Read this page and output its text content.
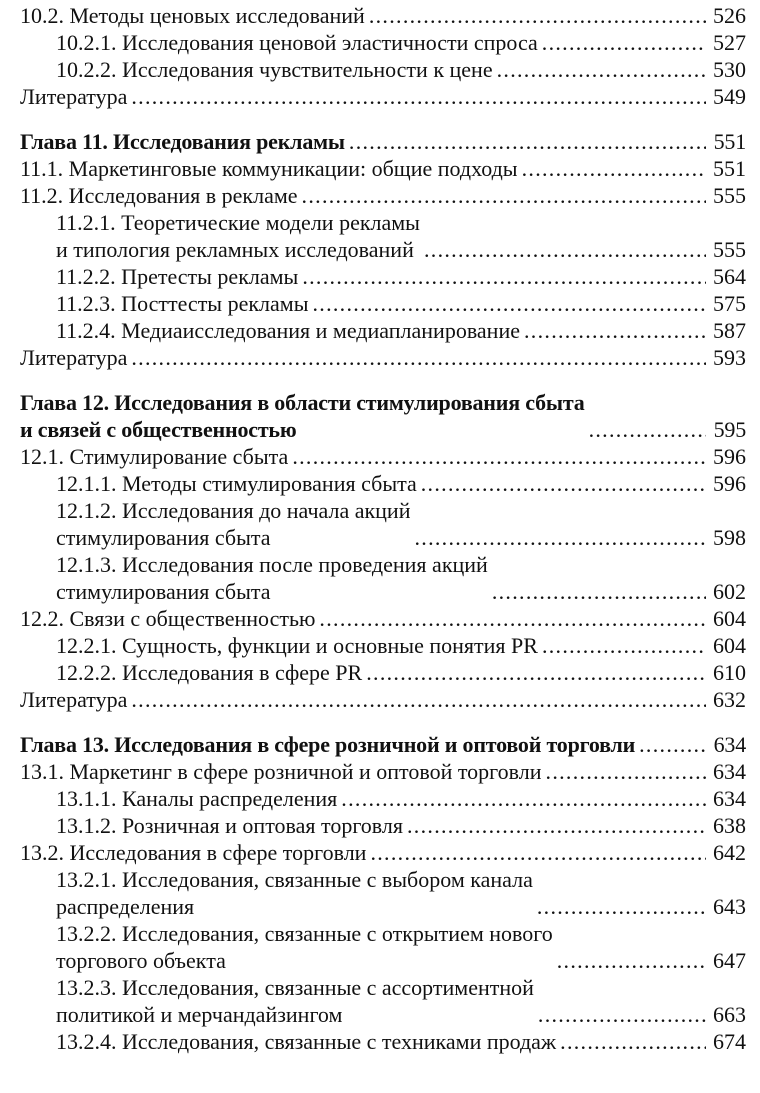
10.2. Методы ценовых исследований .....	526
10.2.1. Исследования ценовой эластичности спроса .....	527
10.2.2. Исследования чувствительности к цене .....	530
Литература .....	549
Глава 11. Исследования рекламы .....	551
11.1. Маркетинговые коммуникации: общие подходы .....	551
11.2. Исследования в рекламе .....	555
11.2.1. Теоретические модели рекламы
и типология рекламных исследований .....	555
11.2.2. Претесты рекламы .....	564
11.2.3. Посттесты рекламы .....	575
11.2.4. Медиаисследования и медиапланирование .....	587
Литература .....	593
Глава 12. Исследования в области стимулирования сбыта
и связей с общественностью .....	595
12.1. Стимулирование сбыта .....	596
12.1.1. Методы стимулирования сбыта .....	596
12.1.2. Исследования до начала акций
стимулирования сбыта .....	598
12.1.3. Исследования после проведения акций
стимулирования сбыта .....	602
12.2. Связи с общественностью .....	604
12.2.1. Сущность, функции и основные понятия PR .....	604
12.2.2. Исследования в сфере PR .....	610
Литература .....	632
Глава 13. Исследования в сфере розничной и оптовой торговли .....	634
13.1. Маркетинг в сфере розничной и оптовой торговли .....	634
13.1.1. Каналы распределения .....	634
13.1.2. Розничная и оптовая торговля .....	638
13.2. Исследования в сфере торговли .....	642
13.2.1. Исследования, связанные с выбором канала
распределения .....	643
13.2.2. Исследования, связанные с открытием нового
торгового объекта .....	647
13.2.3. Исследования, связанные с ассортиментной
политикой и мерчандайзингом .....	663
13.2.4. Исследования, связанные с техниками продаж .....	674
